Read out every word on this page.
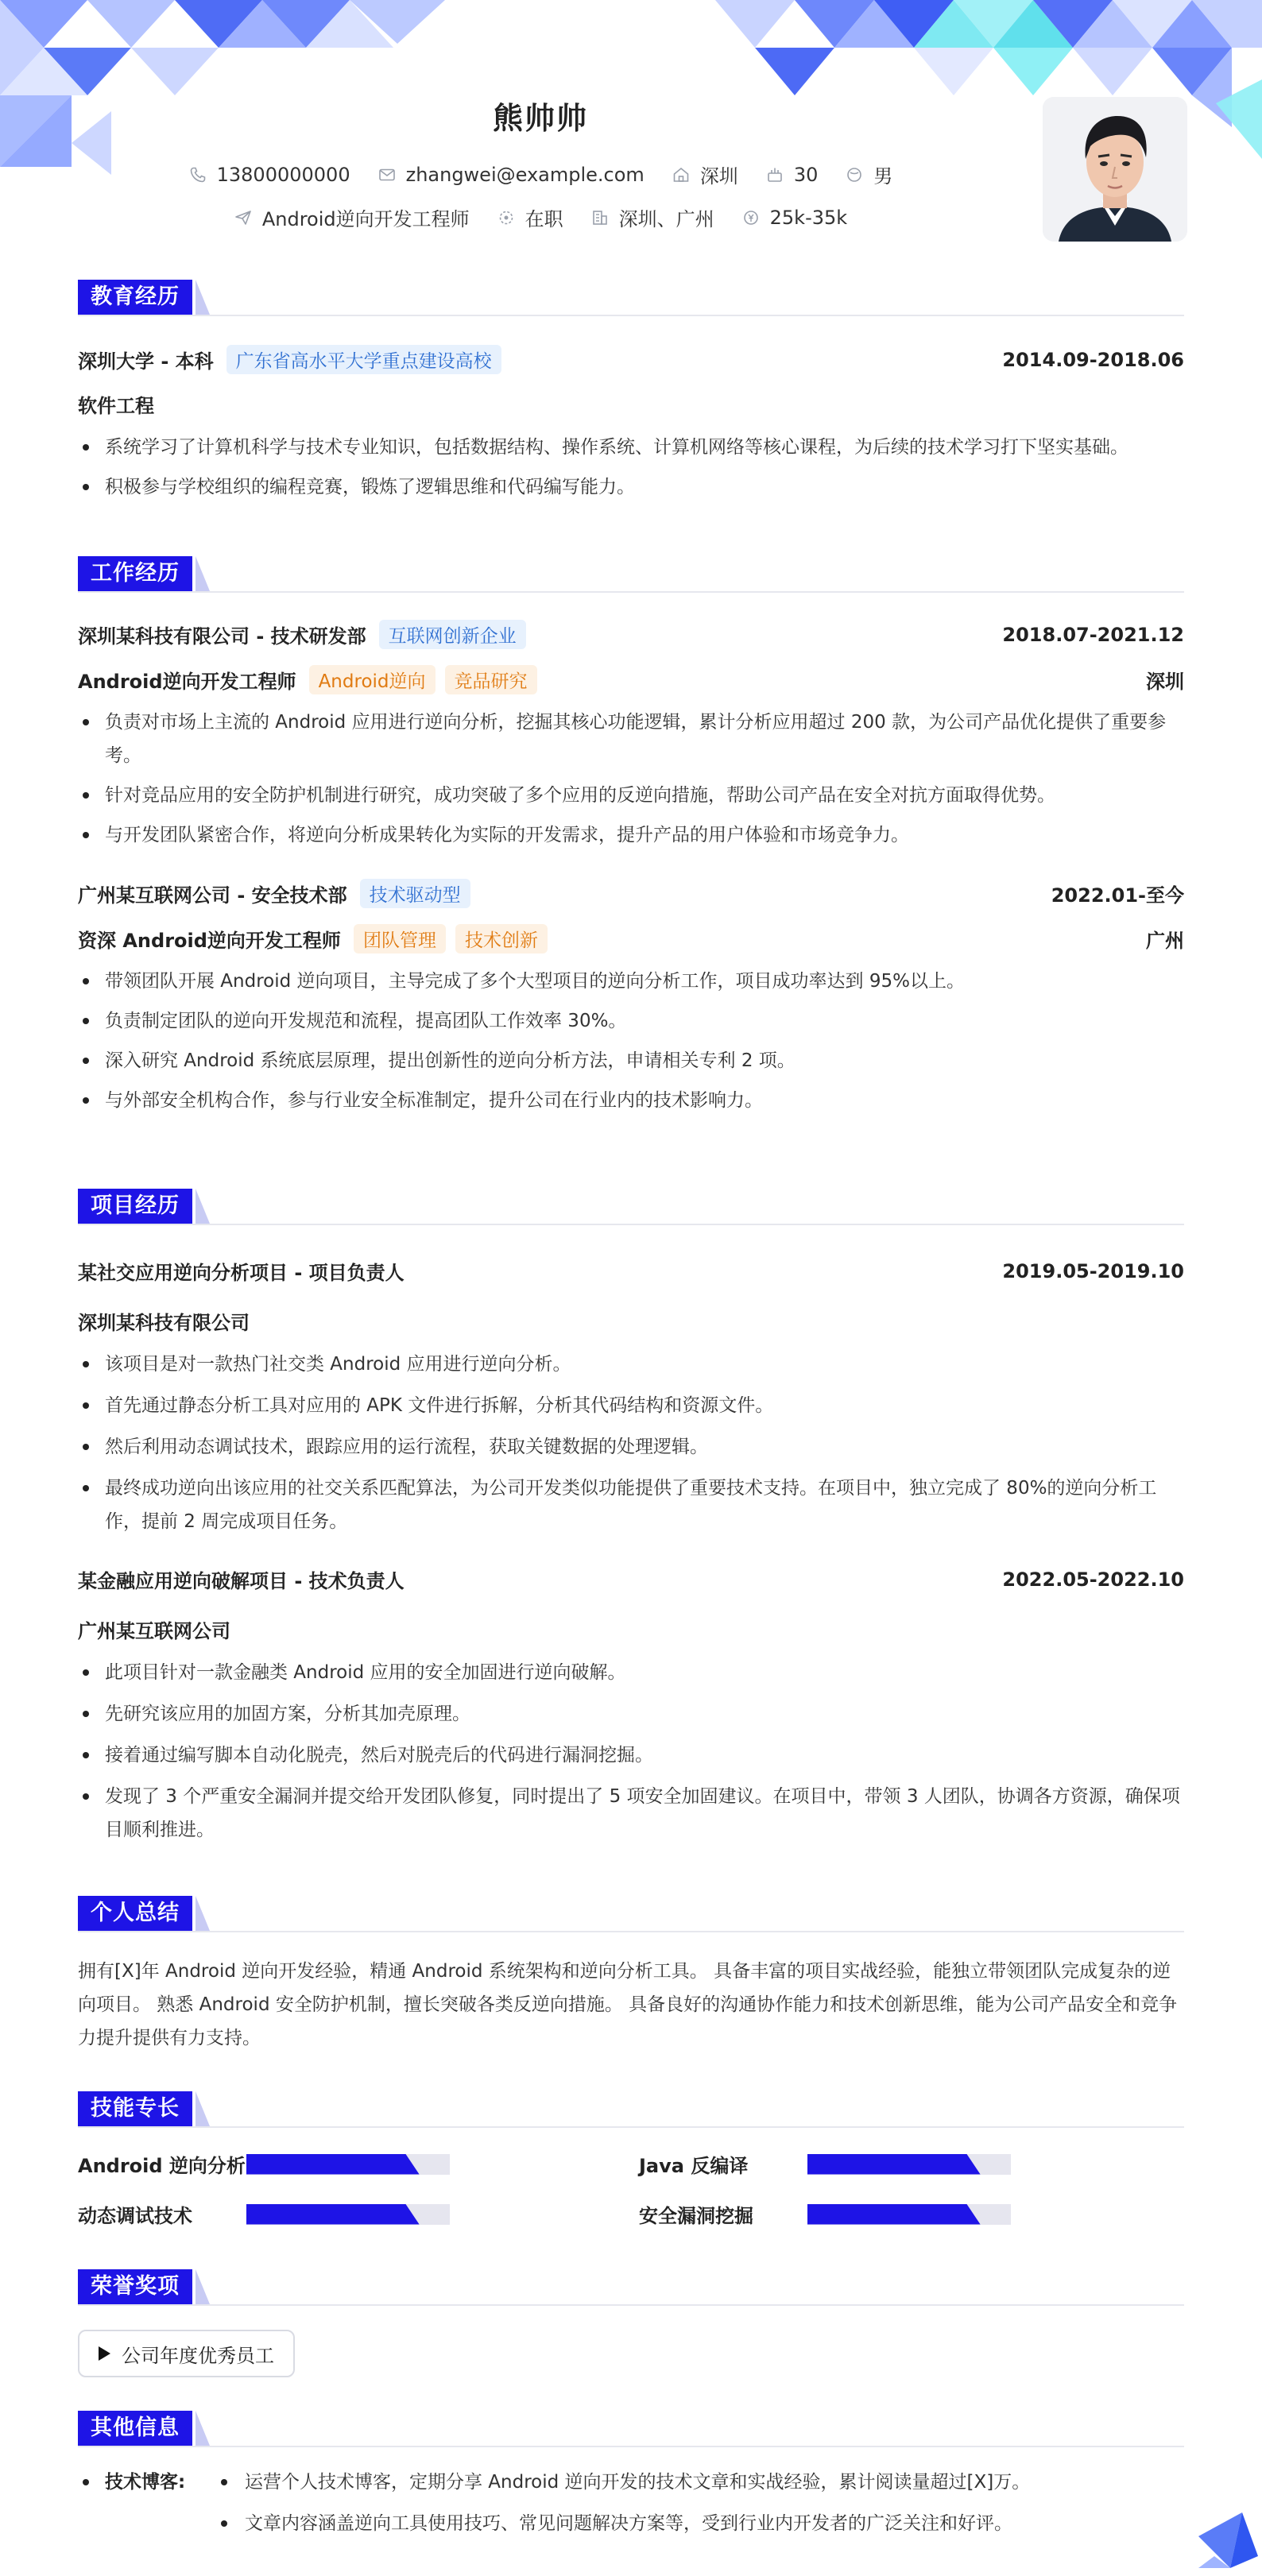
熊帅帅
13800000000	zhangwei@example.com	深圳	30	男
Android逆向开发工程师	在职	深圳、广州	25k-35k
教育经历
深圳大学 - 本科	广东省高水平大学重点建设高校	2014.09-2018.06
软件工程
系统学习了计算机科学与技术专业知识，包括数据结构、操作系统、计算机网络等核心课程，为后续的技术学习打下坚实基础。
积极参与学校组织的编程竞赛，锻炼了逻辑思维和代码编写能力。
工作经历
深圳某科技有限公司 - 技术研发部	互联网创新企业	2018.07-2021.12
Android逆向开发工程师	Android逆向	竞品研究	深圳
负责对市场上主流的 Android 应用进行逆向分析，挖掘其核心功能逻辑，累计分析应用超过 200 款，为公司产品优化提供了重要参考。
针对竞品应用的安全防护机制进行研究，成功突破了多个应用的反逆向措施，帮助公司产品在安全对抗方面取得优势。
与开发团队紧密合作，将逆向分析成果转化为实际的开发需求，提升产品的用户体验和市场竞争力。
广州某互联网公司 - 安全技术部	技术驱动型	2022.01-至今
资深 Android逆向开发工程师	团队管理	技术创新	广州
带领团队开展 Android 逆向项目，主导完成了多个大型项目的逆向分析工作，项目成功率达到 95%以上。
负责制定团队的逆向开发规范和流程，提高团队工作效率 30%。
深入研究 Android 系统底层原理，提出创新性的逆向分析方法，申请相关专利 2 项。
与外部安全机构合作，参与行业安全标准制定，提升公司在行业内的技术影响力。
项目经历
某社交应用逆向分析项目 - 项目负责人	2019.05-2019.10
深圳某科技有限公司
该项目是对一款热门社交类 Android 应用进行逆向分析。
首先通过静态分析工具对应用的 APK 文件进行拆解，分析其代码结构和资源文件。
然后利用动态调试技术，跟踪应用的运行流程，获取关键数据的处理逻辑。
最终成功逆向出该应用的社交关系匹配算法，为公司开发类似功能提供了重要技术支持。在项目中，独立完成了 80%的逆向分析工作，提前 2 周完成项目任务。
某金融应用逆向破解项目 - 技术负责人	2022.05-2022.10
广州某互联网公司
此项目针对一款金融类 Android 应用的安全加固进行逆向破解。
先研究该应用的加固方案，分析其加壳原理。
接着通过编写脚本自动化脱壳，然后对脱壳后的代码进行漏洞挖掘。
发现了 3 个严重安全漏洞并提交给开发团队修复，同时提出了 5 项安全加固建议。在项目中，带领 3 人团队，协调各方资源，确保项目顺利推进。
个人总结

拥有[X]年 Android 逆向开发经验，精通 Android 系统架构和逆向分析工具。 具备丰富的项目实战经验，能独立带领团队完成复杂的逆向项目。 熟悉 Android 安全防护机制，擅长突破各类反逆向措施。 具备良好的沟通协作能力和技术创新思维，能为公司产品安全和竞争力提升提供有力支持。

技能专长
Android 逆向分析	Java 反编译
动态调试技术	安全漏洞挖掘
荣誉奖项
公司年度优秀员工
其他信息
技术博客:	运营个人技术博客，定期分享 Android 逆向开发的技术文章和实战经验，累计阅读量超过[X]万。
文章内容涵盖逆向工具使用技巧、常见问题解决方案等，受到行业内开发者的广泛关注和好评。
